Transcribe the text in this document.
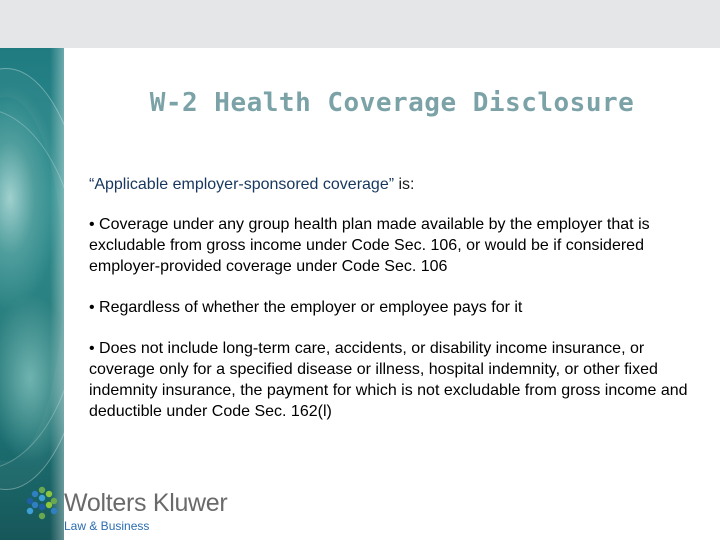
W-2 Health Coverage Disclosure

“Applicable employer-sponsored coverage” is:

• Coverage under any group health plan made available by the employer that is excludable from gross income under Code Sec. 106, or would be if considered employer-provided coverage under Code Sec. 106

• Regardless of whether the employer or employee pays for it

• Does not include long-term care, accidents, or disability income insurance, or coverage only for a specified disease or illness, hospital indemnity, or other fixed indemnity insurance, the payment for which is not excludable from gross income and deductible under Code Sec. 162(l)

Wolters Kluwer
Law & Business
